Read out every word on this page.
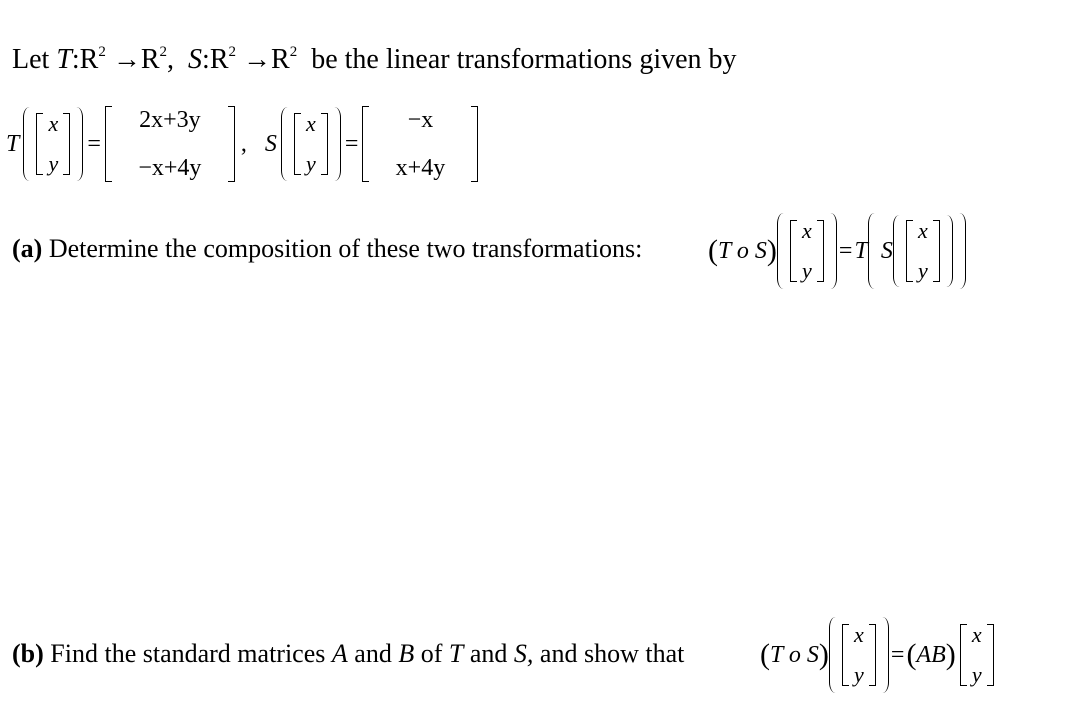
Let $T:R^2 \to R^2$, $S:R^2 \to R^2$ be the linear transformations given by
T
x
y
=
2x+3y
−x+4y
, S
x
y
=
−x
x+4y
(a) Determine the composition of these two transformations: ( T o S )
x
y
= T S
x
y
(b) Find the standard matrices A and B of T and S, and show that	( T o S )
x
y
= ( AB )
x
y
